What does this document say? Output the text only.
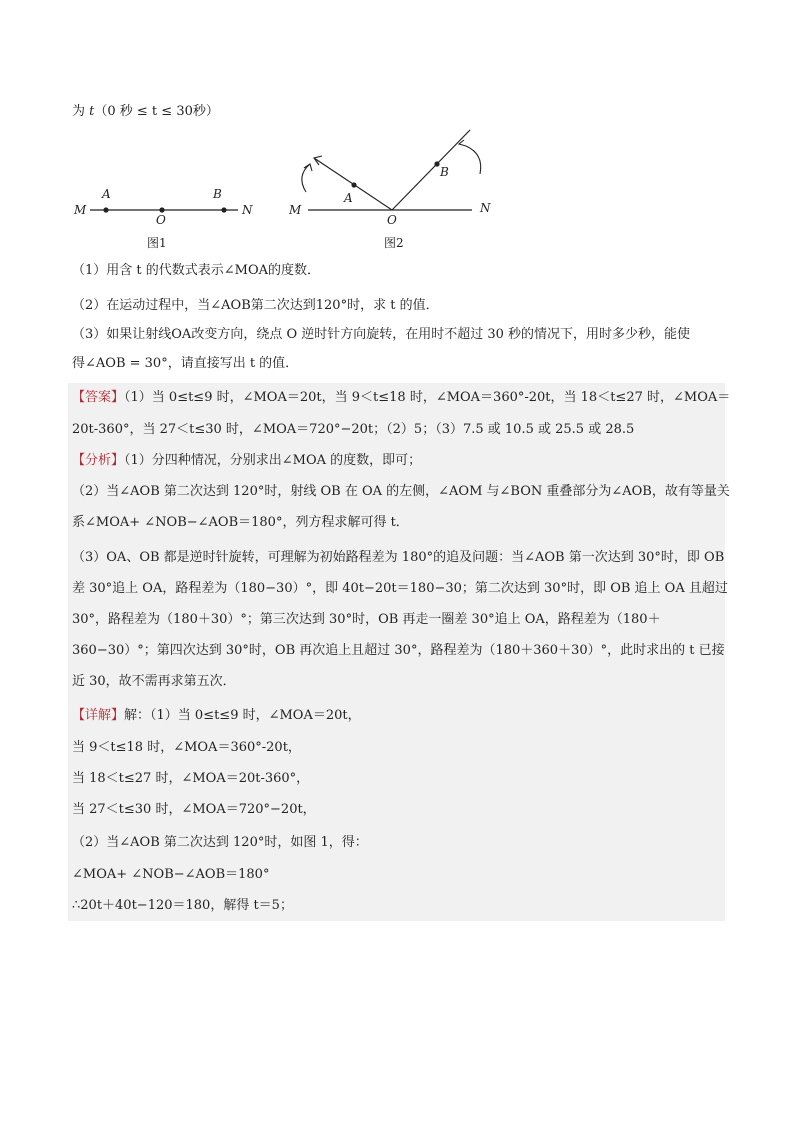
为 t（0 秒 ≤ t ≤ 30秒）
M
A
O
B
N
图1
M
A
O
B
N
图2
（1）用含 t 的代数式表示∠MOA的度数．
（2）在运动过程中，当∠AOB第二次达到120°时，求 t 的值．
（3）如果让射线OA改变方向，绕点 O 逆时针方向旋转，在用时不超过 30 秒的情况下，用时多少秒，能使
得∠AOB = 30°，请直接写出 t 的值．
【答案】（1）当 0≤t≤9 时，∠MOA＝20t，当 9＜t≤18 时，∠MOA＝360°-20t，当 18＜t≤27 时，∠MOA＝
20t-360°，当 27＜t≤30 时，∠MOA＝720°−20t；（2）5；（3）7.5 或 10.5 或 25.5 或 28.5
【分析】（1）分四种情况，分别求出∠MOA 的度数，即可；
（2）当∠AOB 第二次达到 120°时，射线 OB 在 OA 的左侧，∠AOM 与∠BON 重叠部分为∠AOB，故有等量关
系∠MOA+ ∠NOB−∠AOB＝180°，列方程求解可得 t．
（3）OA、OB 都是逆时针旋转，可理解为初始路程差为 180°的追及问题：当∠AOB 第一次达到 30°时，即 OB
差 30°追上 OA，路程差为（180−30）°，即 40t−20t＝180−30；第二次达到 30°时，即 OB 追上 OA 且超过
30°，路程差为（180＋30）°；第三次达到 30°时，OB 再走一圈差 30°追上 OA，路程差为（180＋
360−30）°；第四次达到 30°时，OB 再次追上且超过 30°，路程差为（180＋360＋30）°，此时求出的 t 已接
近 30，故不需再求第五次．
【详解】解：（1）当 0≤t≤9 时，∠MOA＝20t，
当 9＜t≤18 时，∠MOA＝360°-20t，
当 18＜t≤27 时，∠MOA＝20t-360°，
当 27＜t≤30 时，∠MOA＝720°−20t，
（2）当∠AOB 第二次达到 120°时，如图 1，得：
∠MOA+ ∠NOB−∠AOB＝180°
∴20t＋40t−120＝180，解得 t＝5；
